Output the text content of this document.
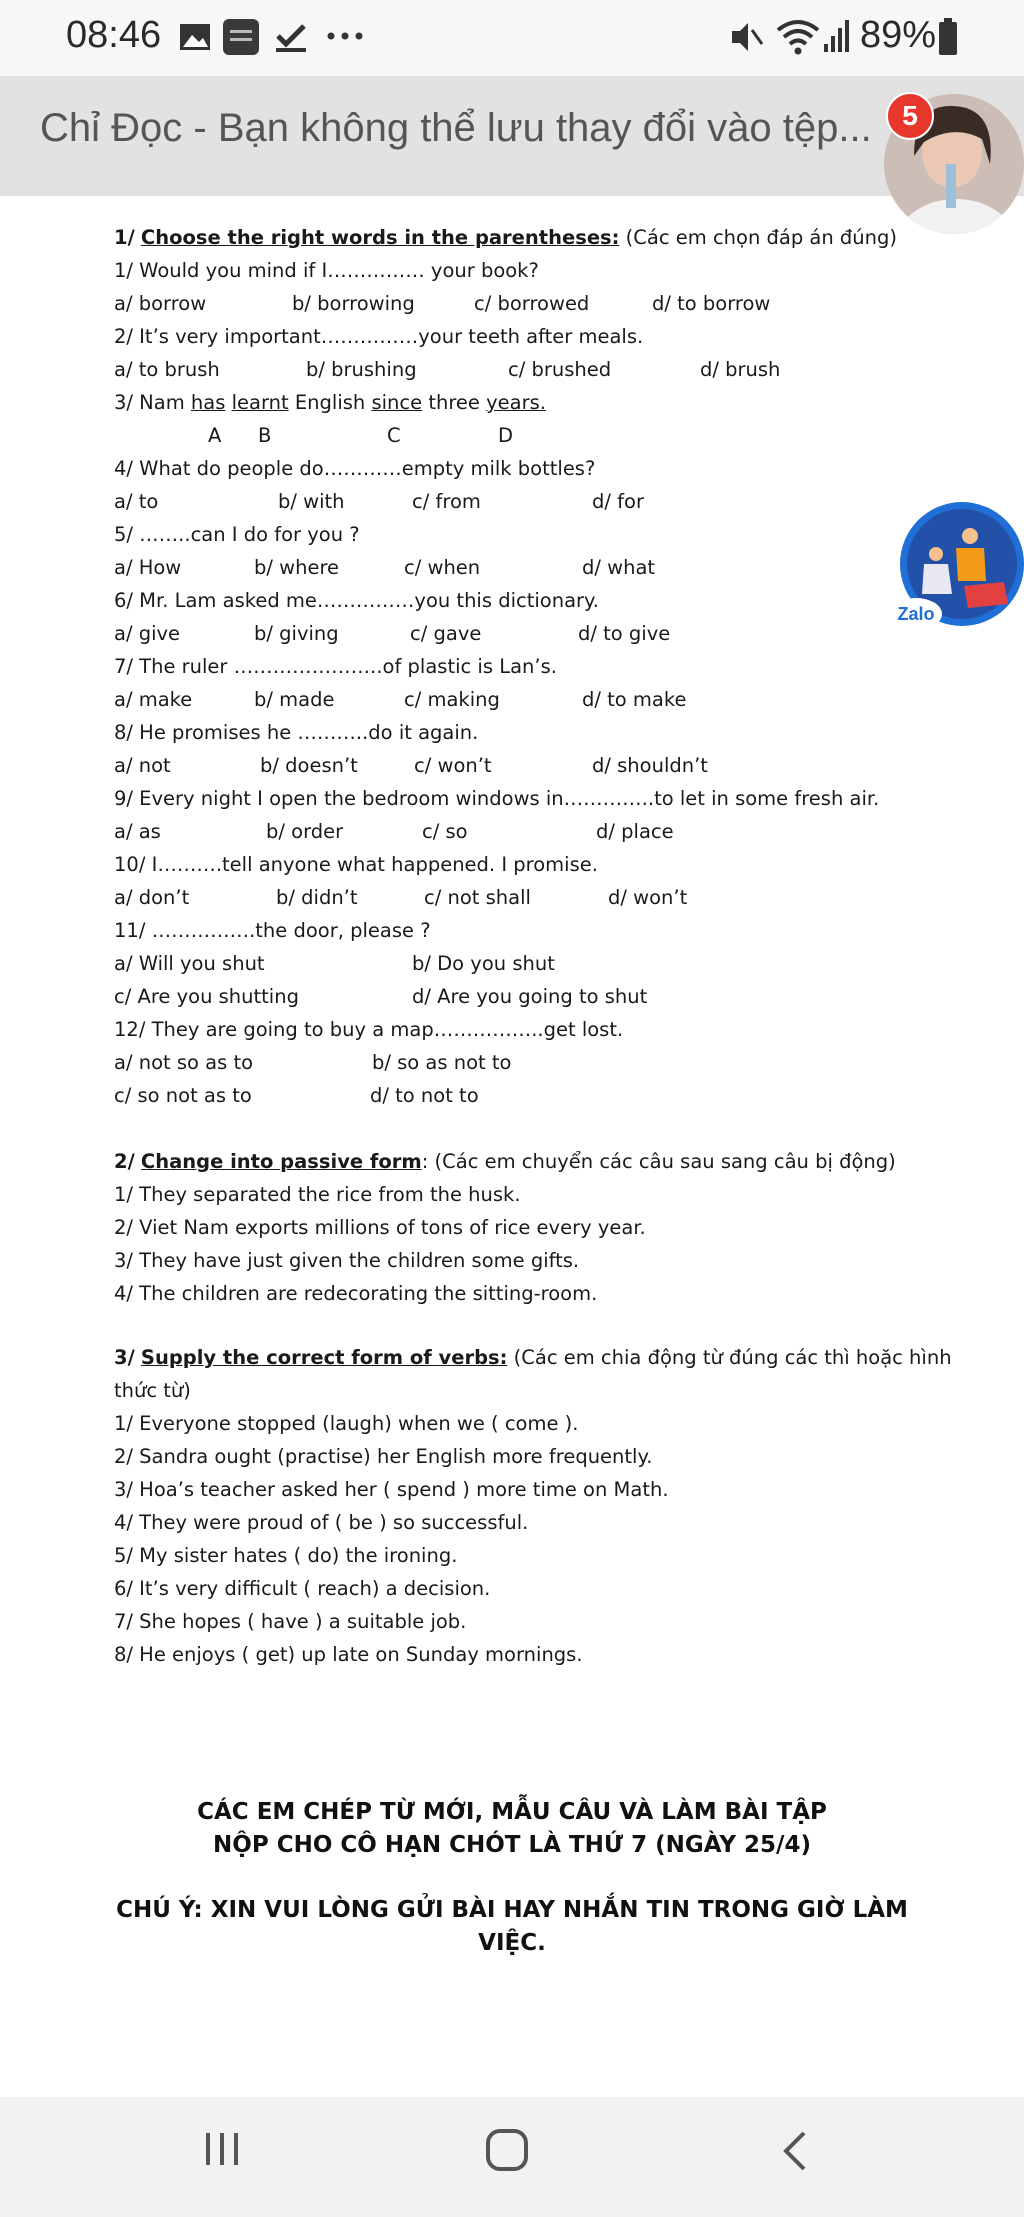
08:46	89%
Chỉ Đọc - Bạn không thể lưu thay đổi vào tệp...
1/ Choose the right words in the parentheses: (Các em chọn đáp án đúng)
1/ Would you mind if I…………… your book?
a/ borrow	b/ borrowing	c/ borrowed	d/ to borrow
2/ It’s very important……………your teeth after meals.
a/ to brush	b/ brushing	c/ brushed	d/ brush
3/ Nam has learnt English since three years.
A B	C	D
4/ What do people do…………empty milk bottles?
a/ to	b/ with	c/ from	d/ for
5/ ……..can I do for you ?
a/ How	b/ where	c/ when	d/ what
6/ Mr. Lam asked me……………you this dictionary.
a/ give	b/ giving	c/ gave	d/ to give
7/ The ruler …………………..of plastic is Lan’s.
a/ make	b/ made	c/ making	d/ to make
8/ He promises he ………..do it again.
a/ not	b/ doesn’t	c/ won’t	d/ shouldn’t
9/ Every night I open the bedroom windows in…………..to let in some fresh air.
a/ as	b/ order	c/ so	d/ place
10/ I……….tell anyone what happened. I promise.
a/ don’t	b/ didn’t	c/ not shall	d/ won’t
11/ …………….the door, please ?
a/ Will you shut	b/ Do you shut
c/ Are you shutting	d/ Are you going to shut
12/ They are going to buy a map……………..get lost.
a/ not so as to	b/ so as not to
c/ so not as to	d/ to not to
2/ Change into passive form: (Các em chuyển các câu sau sang câu bị động)
1/ They separated the rice from the husk.
2/ Viet Nam exports millions of tons of rice every year.
3/ They have just given the children some gifts.
4/ The children are redecorating the sitting-room.
3/ Supply the correct form of verbs: (Các em chia động từ đúng các thì hoặc hình
thức từ)
1/ Everyone stopped (laugh) when we ( come ).
2/ Sandra ought (practise) her English more frequently.
3/ Hoa’s teacher asked her ( spend ) more time on Math.
4/ They were proud of ( be ) so successful.
5/ My sister hates ( do) the ironing.
6/ It’s very difficult ( reach) a decision.
7/ She hopes ( have ) a suitable job.
8/ He enjoys ( get) up late on Sunday mornings.
CÁC EM CHÉP TỪ MỚI, MẪU CÂU VÀ LÀM BÀI TẬP
NỘP CHO CÔ HẠN CHÓT LÀ THỨ 7 (NGÀY 25/4)
CHÚ Ý: XIN VUI LÒNG GỬI BÀI HAY NHẮN TIN TRONG GIỜ LÀM
VIỆC.
5
Zalo
